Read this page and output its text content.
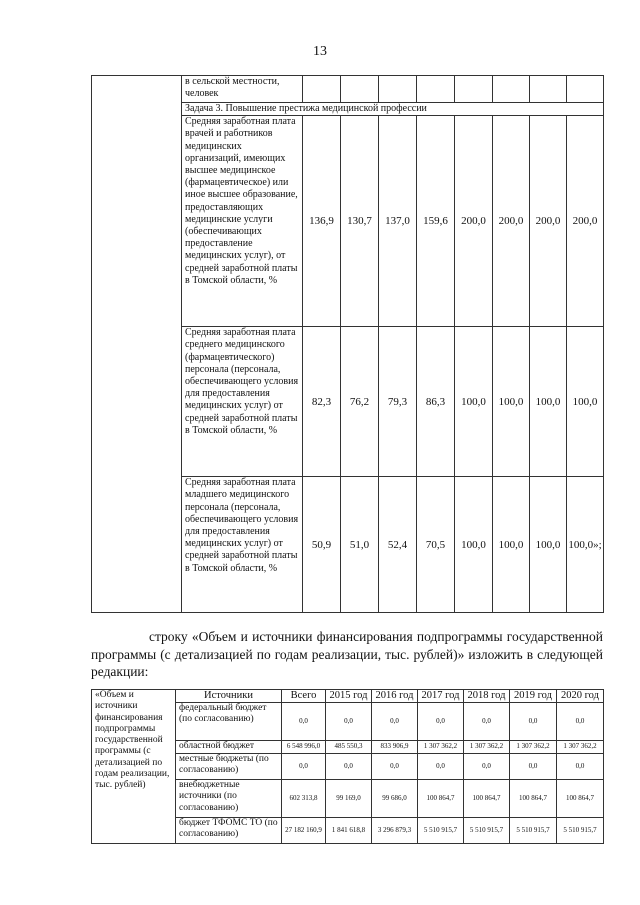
13
	в сельской местности, человек								
	Задача 3. Повышение престижа медицинской профессии								
	Средняя заработная плата врачей и работников медицинских организаций, имеющих высшее медицинское (фармацевтическое) или иное высшее образование, предоставляющих медицинские услуги (обеспечивающих предоставление медицинских услуг), от средней заработной платы в Томской области, %	136,9	130,7	137,0	159,6	200,0	200,0	200,0	200,0
	Средняя заработная плата среднего медицинского (фармацевтического) персонала (персонала, обеспечивающего условия для предоставления медицинских услуг) от средней заработной платы в Томской области, %	82,3	76,2	79,3	86,3	100,0	100,0	100,0	100,0
	Средняя заработная плата младшего медицинского персонала (персонала, обеспечивающего условия для предоставления медицинских услуг) от средней заработной платы в Томской области, %	50,9	51,0	52,4	70,5	100,0	100,0	100,0	100,0»;

строку «Объем и источники финансирования подпрограммы государственной программы (с детализацией по годам реализации, тыс. рублей)» изложить в следующей редакции:

«Объем и источники финансирования подпрограммы государственной программы (с детализацией по годам реализации, тыс. рублей)	Источники	Всего	2015 год	2016 год	2017 год	2018 год	2019 год	2020 год
	федеральный бюджет (по согласованию)	0,0	0,0	0,0	0,0	0,0	0,0	0,0
	областной бюджет	6 548 996,0	485 550,3	833 906,9	1 307 362,2	1 307 362,2	1 307 362,2	1 307 362,2
	местные бюджеты (по согласованию)	0,0	0,0	0,0	0,0	0,0	0,0	0,0
	внебюджетные источники (по согласованию)	602 313,8	99 169,0	99 686,0	100 864,7	100 864,7	100 864,7	100 864,7
	бюджет ТФОМС ТО (по согласованию)	27 182 160,9	1 841 618,8	3 296 879,3	5 510 915,7	5 510 915,7	5 510 915,7	5 510 915,7
